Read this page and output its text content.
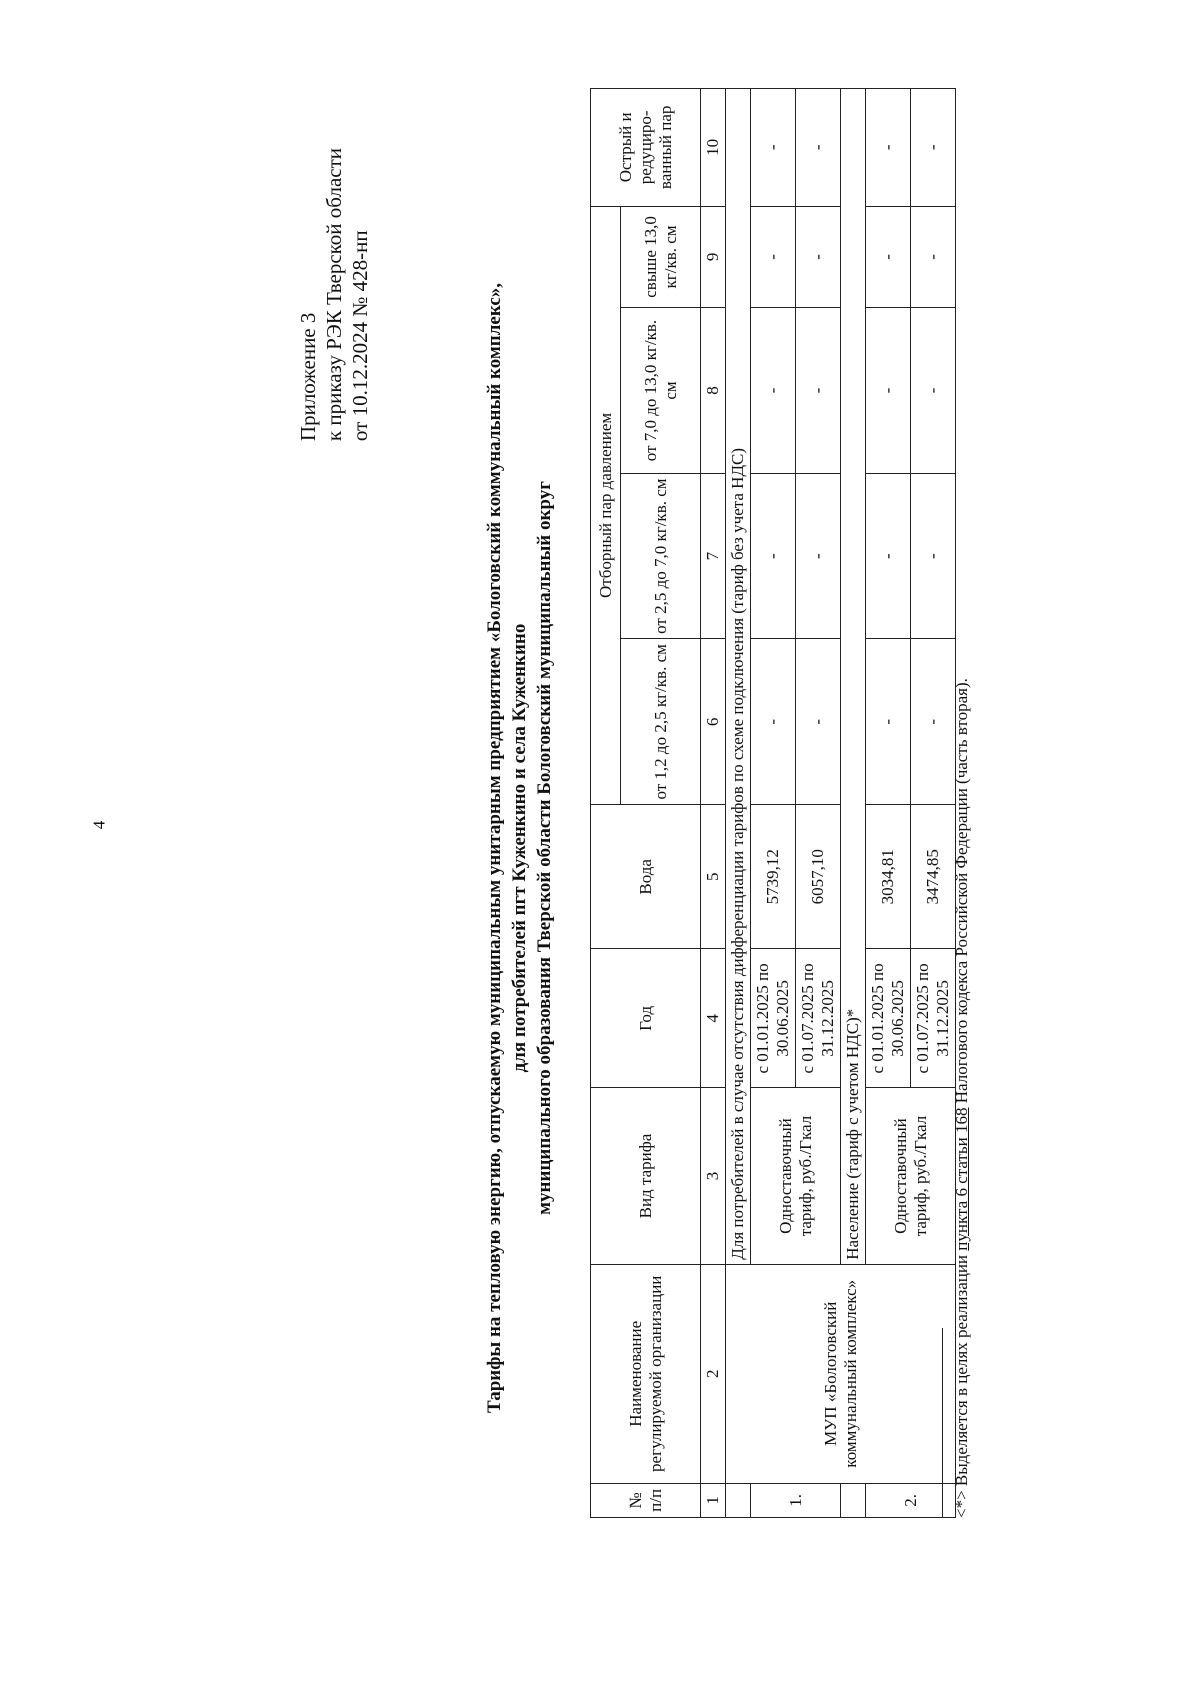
4
Приложение 3 к приказу РЭК Тверской области от 10.12.2024 № 428-нп	Тарифы на тепловую энергию, отпускаемую муниципальным унитарным предприятием «Бологовский коммунальный комплекс», для потребителей пгт Куженкино и села Куженкино муниципального образования Тверской области Бологовский муниципальный округ
№ п/п	Наименование регулируемой организации	Вид тарифа	Год	Вода	Отборный пар давлением				Острый и редуциро-ванный пар
					от 1,2 до 2,5 кг/кв. см	от 2,5 до 7,0 кг/кв. см	от 7,0 до 13,0 кг/кв. см	свыше 13,0 кг/кв. см	
1	2	3	4	5	6	7	8	9	10
	МУП «Бологовский коммунальный комплекс»	Для потребителей в случае отсутствия дифференциации тарифов по схеме подключения (тариф без учета НДС)							
1.		Одноставочный тариф, руб./Гкал	с 01.01.2025 по 30.06.2025	5739,12	-	-	-	-	-
			с 01.07.2025 по 31.12.2025	6057,10	-	-	-	-	-
		Население (тариф с учетом НДС)*							
2.		Одноставочный тариф, руб./Гкал	с 01.01.2025 по 30.06.2025	3034,81	-	-	-	-	-
			с 01.07.2025 по 31.12.2025	3474,85	-	-	-	-	-
<*> Выделяется в целях реализации пункта 6 статьи 168 Налогового кодекса Российской Федерации (часть вторая).
